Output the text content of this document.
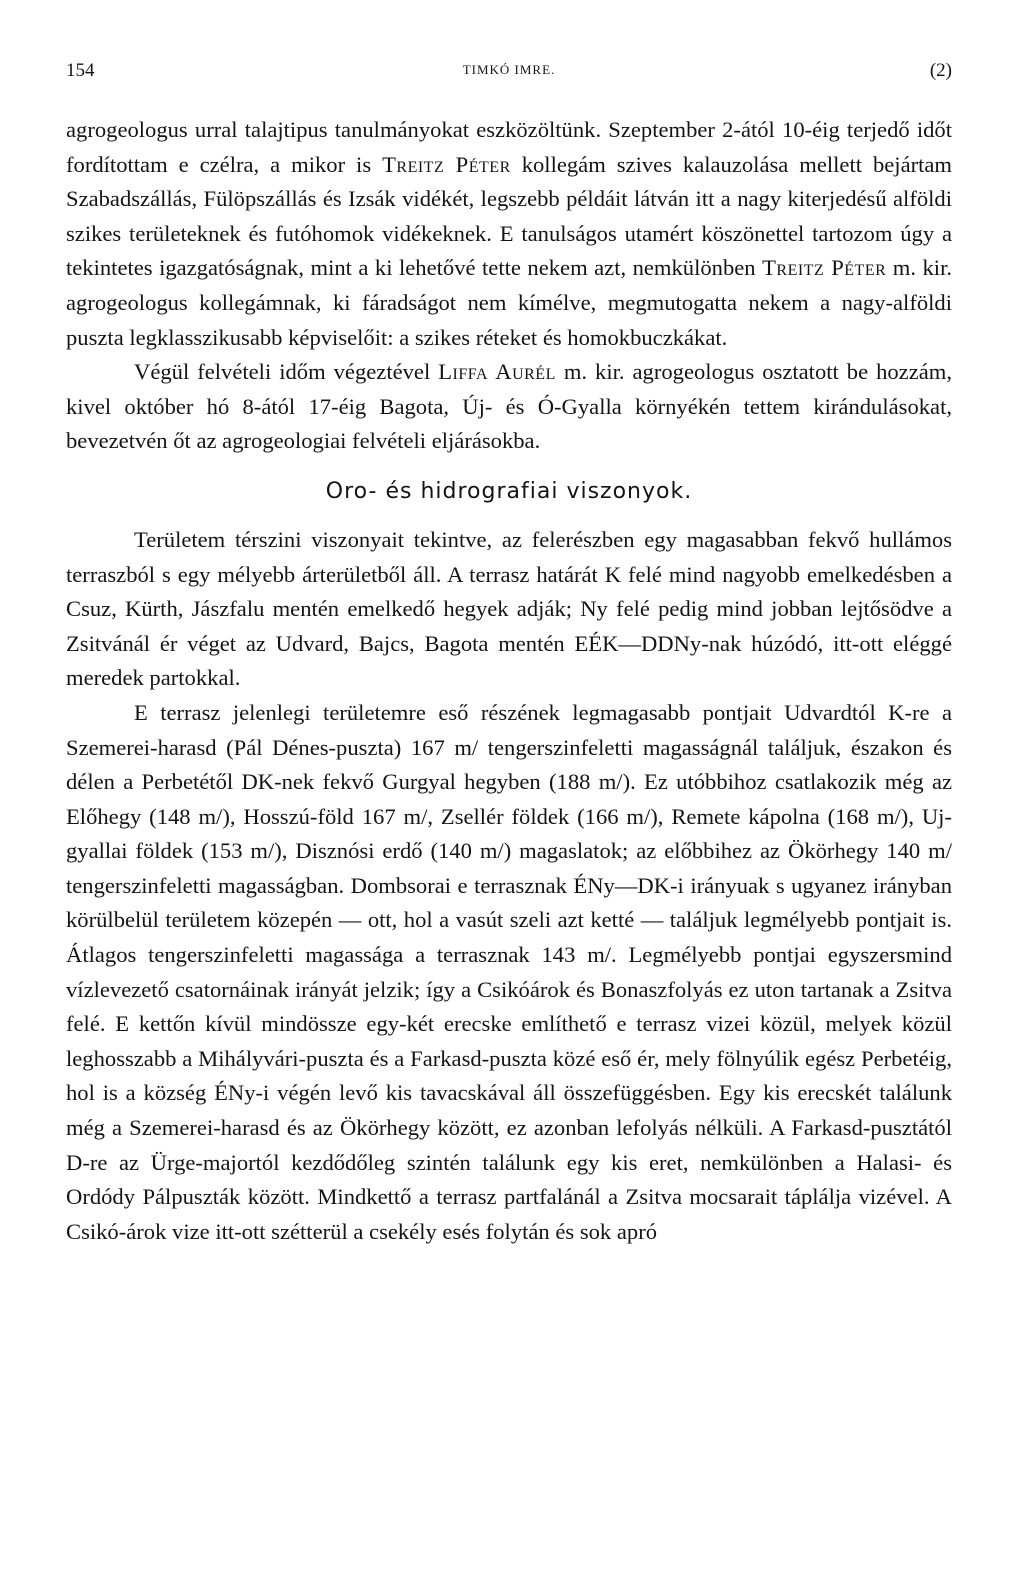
154	TIMKÓ IMRE.	(2)

agrogeologus urral talajtipus tanulmányokat eszközöltünk. Szeptember 2-ától 10-éig terjedő időt fordítottam e czélra, a mikor is Treitz Péter kollegám szives kalauzolása mellett bejártam Szabadszállás, Fülöpszállás és Izsák vidékét, legszebb példáit látván itt a nagy kiterjedésű alföldi szikes területeknek és futóhomok vidékeknek. E tanulságos utamért köszönettel tartozom úgy a tekintetes igazgatóságnak, mint a ki lehetővé tette nekem azt, nemkülönben Treitz Péter m. kir. agrogeologus kollegámnak, ki fáradságot nem kímélve, megmutogatta nekem a nagy-alföldi puszta legklasszikusabb képviselőit: a szikes réteket és homokbuczkákat.

Végül felvételi időm végeztével Liffa Aurél m. kir. agrogeologus osztatott be hozzám, kivel október hó 8-ától 17-éig Bagota, Új- és Ó-Gyalla környékén tettem kirándulásokat, bevezetvén őt az agrogeologiai felvételi eljárásokba.

Oro- és hidrografiai viszonyok.

Területem térszini viszonyait tekintve, az felerészben egy magasabban fekvő hullámos terraszból s egy mélyebb árterületből áll. A terrasz határát K felé mind nagyobb emelkedésben a Csuz, Kürth, Jászfalu mentén emelkedő hegyek adják; Ny felé pedig mind jobban lejtősödve a Zsitvánál ér véget az Udvard, Bajcs, Bagota mentén EÉK—DDNy-nak húzódó, itt-ott eléggé meredek partokkal.

E terrasz jelenlegi területemre eső részének legmagasabb pontjait Udvardtól K-re a Szemerei-harasd (Pál Dénes-puszta) 167 m/ tengerszinfeletti magasságnál találjuk, északon és délen a Perbetétől DK-nek fekvő Gurgyal hegyben (188 m/). Ez utóbbihoz csatlakozik még az Előhegy (148 m/), Hosszú-föld 167 m/, Zsellér földek (166 m/), Remete kápolna (168 m/), Uj-gyallai földek (153 m/), Disznósi erdő (140 m/) magaslatok; az előbbihez az Ökörhegy 140 m/ tengerszinfeletti magasságban. Dombsorai e terrasznak ÉNy—DK-i irányuak s ugyanez irányban körülbelül területem közepén — ott, hol a vasút szeli azt ketté — találjuk legmélyebb pontjait is. Átlagos tengerszinfeletti magassága a terrasznak 143 m/. Legmélyebb pontjai egyszersmind vízlevezető csatornáinak irányát jelzik; így a Csikóárok és Bonaszfolyás ez uton tartanak a Zsitva felé. E kettőn kívül mindössze egy-két erecske említhető e terrasz vizei közül, melyek közül leghosszabb a Mihályvári-puszta és a Farkasd-puszta közé eső ér, mely fölnyúlik egész Perbetéig, hol is a község ÉNy-i végén levő kis tavacskával áll összefüggésben. Egy kis erecskét találunk még a Szemerei-harasd és az Ökörhegy között, ez azonban lefolyás nélküli. A Farkasd-pusztától D-re az Ürge-majortól kezdődőleg szintén találunk egy kis eret, nemkülönben a Halasi- és Ordódy Pálpuszták között. Mindkettő a terrasz partfalánál a Zsitva mocsarait táplálja vizével. A Csikó-árok vize itt-ott szétterül a csekély esés folytán és sok apró
